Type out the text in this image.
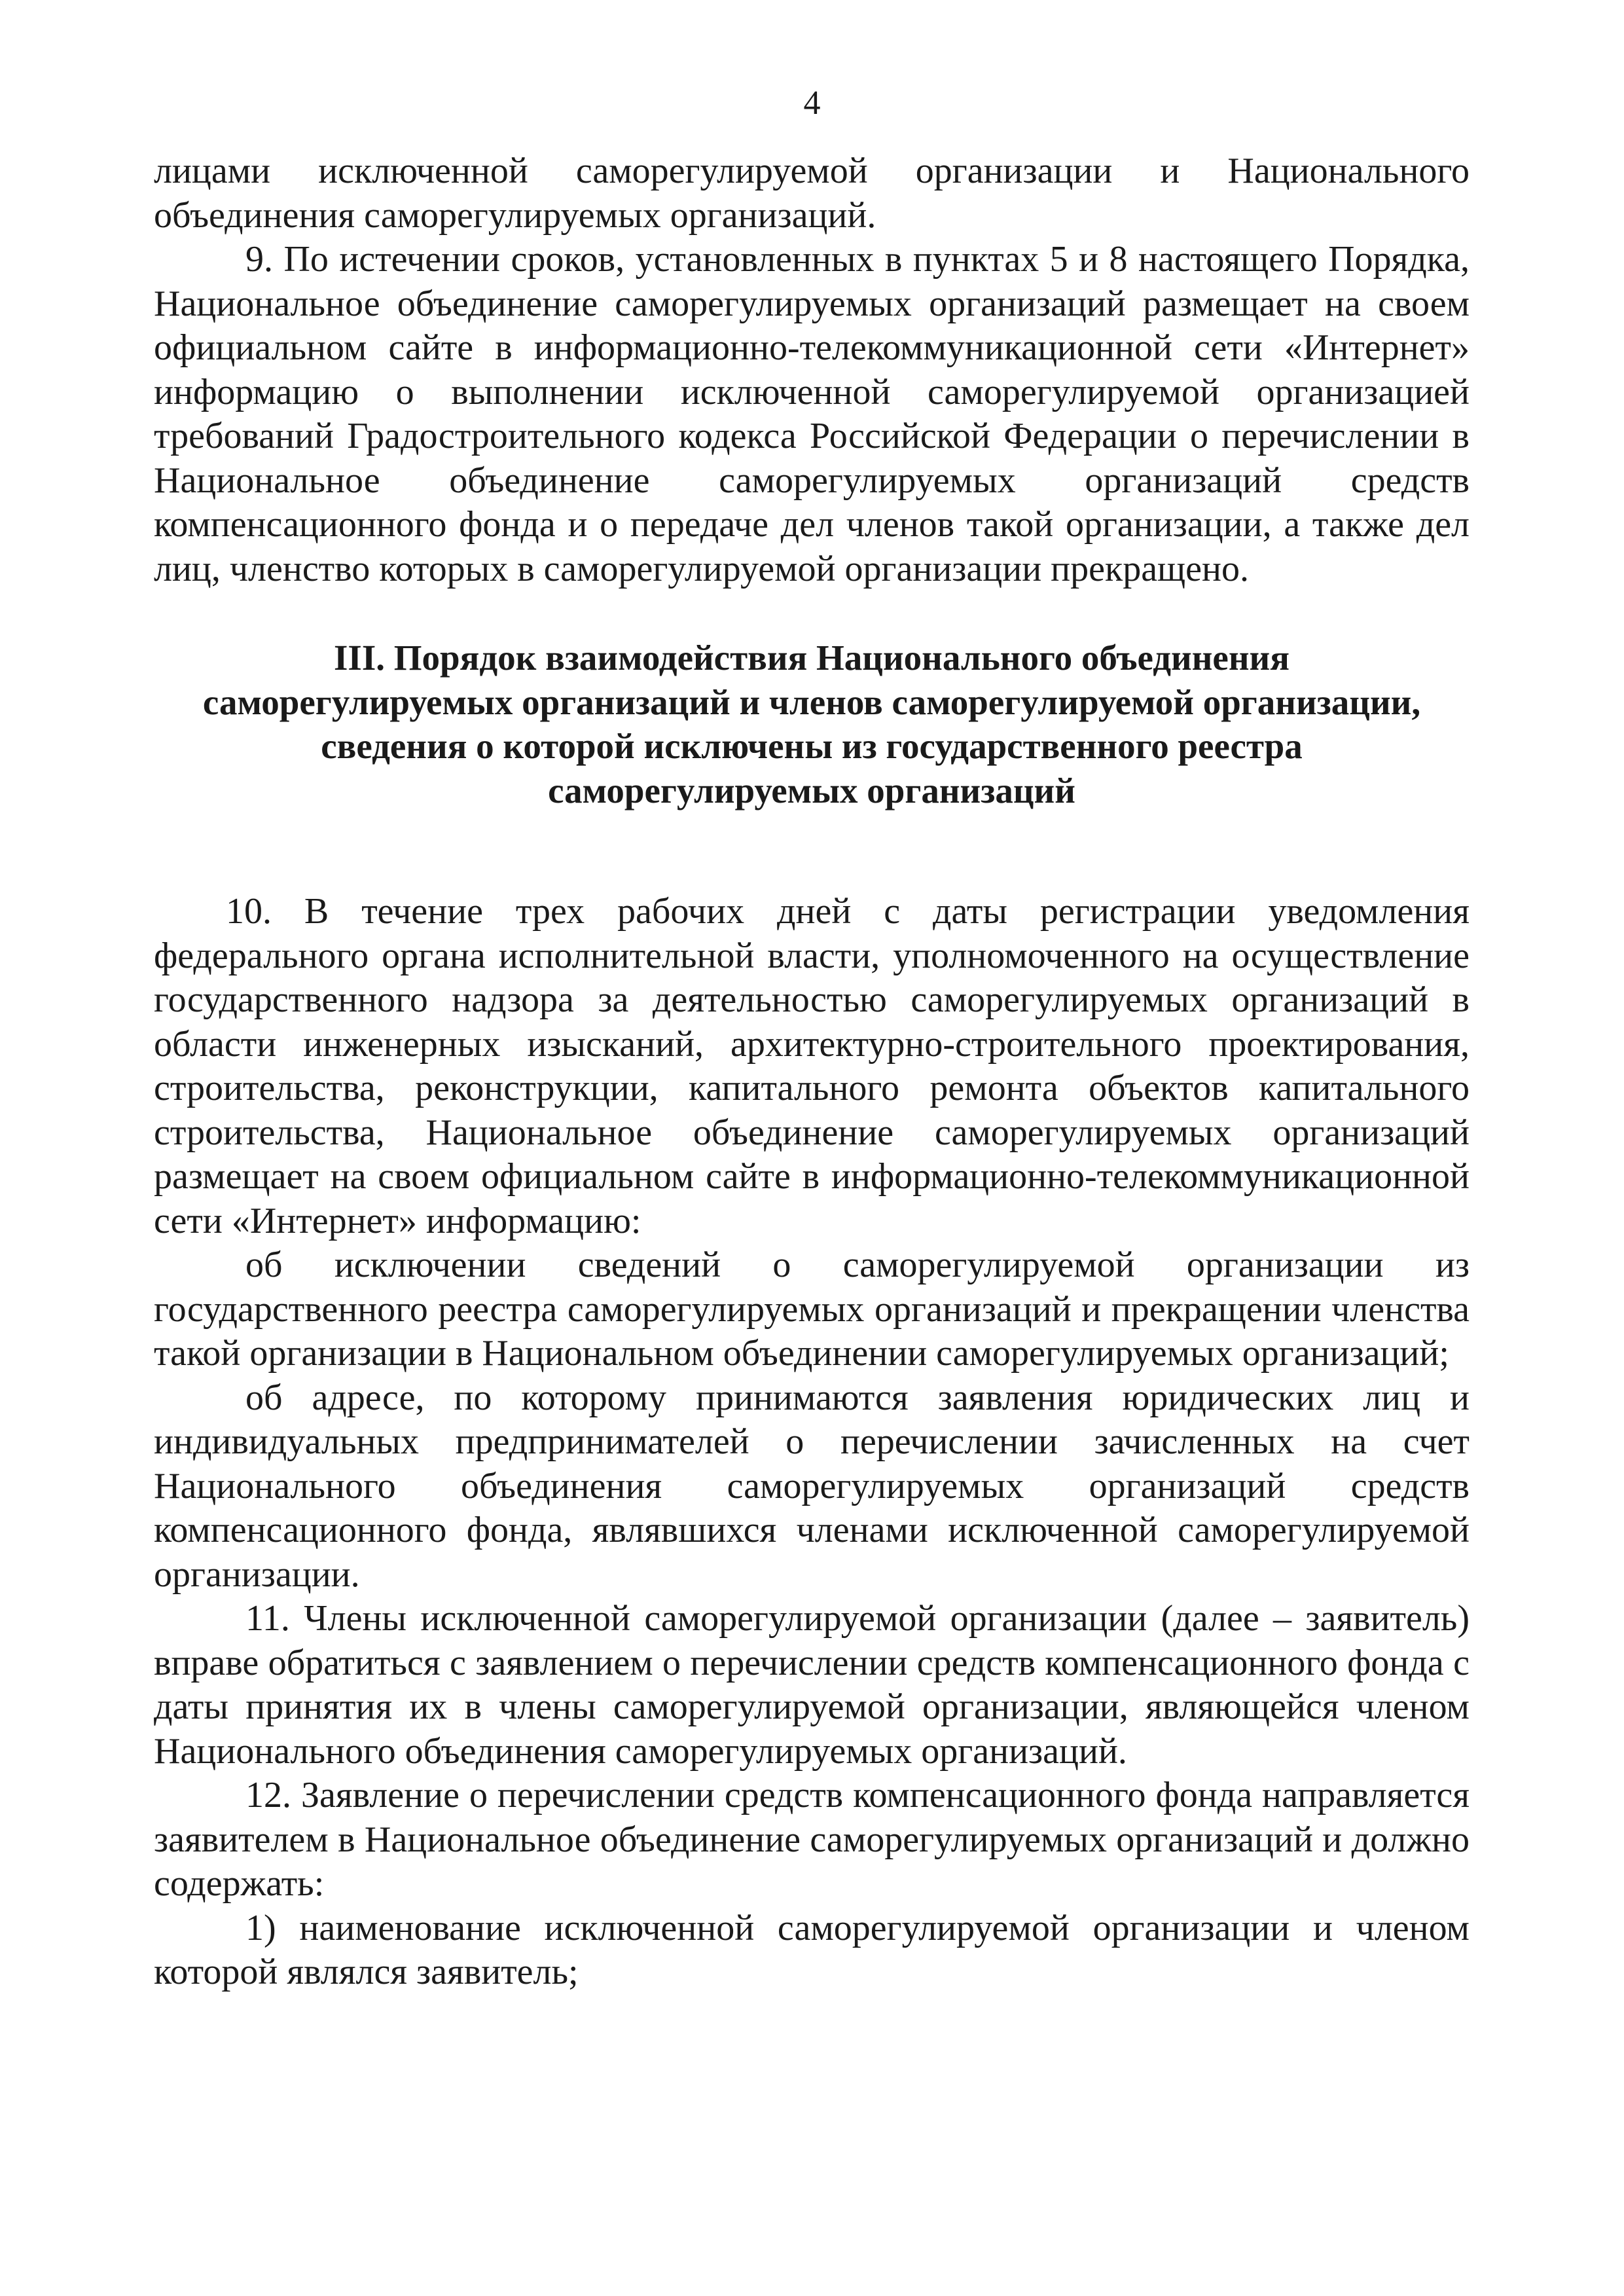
4

лицами исключенной саморегулируемой организации и Национального объединения саморегулируемых организаций.

9. По истечении сроков, установленных в пунктах 5 и 8 настоящего Порядка, Национальное объединение саморегулируемых организаций размещает на своем официальном сайте в информационно-телекоммуникационной сети «Интернет» информацию о выполнении исключенной саморегулируемой организацией требований Градостроительного кодекса Российской Федерации о перечислении в Национальное объединение саморегулируемых организаций средств компенсационного фонда и о передаче дел членов такой организации, а также дел лиц, членство которых в саморегулируемой организации прекращено.

III. Порядок взаимодействия Национального объединения
саморегулируемых организаций и членов саморегулируемой организации,
сведения о которой исключены из государственного реестра
саморегулируемых организаций

10. В течение трех рабочих дней с даты регистрации уведомления федерального органа исполнительной власти, уполномоченного на осуществление государственного надзора за деятельностью саморегулируемых организаций в области инженерных изысканий, архитектурно-строительного проектирования, строительства, реконструкции, капитального ремонта объектов капитального строительства, Национальное объединение саморегулируемых организаций размещает на своем официальном сайте в информационно-телекоммуникационной сети «Интернет» информацию:

об исключении сведений о саморегулируемой организации из государственного реестра саморегулируемых организаций и прекращении членства такой организации в Национальном объединении саморегулируемых организаций;

об адресе, по которому принимаются заявления юридических лиц и индивидуальных предпринимателей о перечислении зачисленных на счет Национального объединения саморегулируемых организаций средств компенсационного фонда, являвшихся членами исключенной саморегулируемой организации.

11. Члены исключенной саморегулируемой организации (далее – заявитель) вправе обратиться с заявлением о перечислении средств компенсационного фонда с даты принятия их в члены саморегулируемой организации, являющейся членом Национального объединения саморегулируемых организаций.

12. Заявление о перечислении средств компенсационного фонда направляется заявителем в Национальное объединение саморегулируемых организаций и должно содержать:

1) наименование исключенной саморегулируемой организации и членом которой являлся заявитель;
